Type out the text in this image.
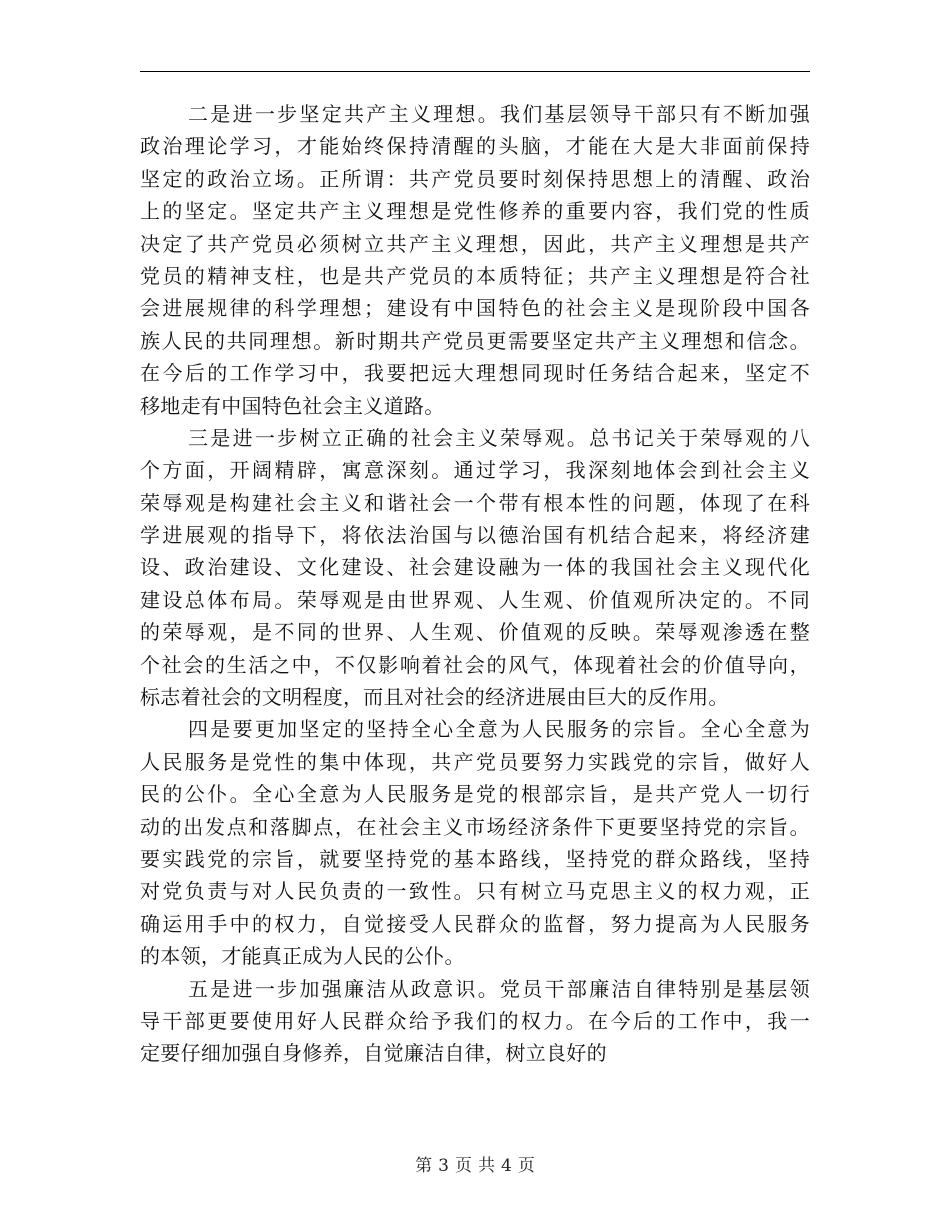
二是进一步坚定共产主义理想。我们基层领导干部只有不断加强
政治理论学习，才能始终保持清醒的头脑，才能在大是大非面前保持
坚定的政治立场。正所谓：共产党员要时刻保持思想上的清醒、政治
上的坚定。坚定共产主义理想是党性修养的重要内容，我们党的性质
决定了共产党员必须树立共产主义理想，因此，共产主义理想是共产
党员的精神支柱，也是共产党员的本质特征；共产主义理想是符合社
会进展规律的科学理想；建设有中国特色的社会主义是现阶段中国各
族人民的共同理想。新时期共产党员更需要坚定共产主义理想和信念。
在今后的工作学习中，我要把远大理想同现时任务结合起来，坚定不
移地走有中国特色社会主义道路。
三是进一步树立正确的社会主义荣辱观。总书记关于荣辱观的八
个方面，开阔精辟，寓意深刻。通过学习，我深刻地体会到社会主义
荣辱观是构建社会主义和谐社会一个带有根本性的问题，体现了在科
学进展观的指导下，将依法治国与以德治国有机结合起来，将经济建
设、政治建设、文化建设、社会建设融为一体的我国社会主义现代化
建设总体布局。荣辱观是由世界观、人生观、价值观所决定的。不同
的荣辱观，是不同的世界、人生观、价值观的反映。荣辱观渗透在整
个社会的生活之中，不仅影响着社会的风气，体现着社会的价值导向，
标志着社会的文明程度，而且对社会的经济进展由巨大的反作用。
四是要更加坚定的坚持全心全意为人民服务的宗旨。全心全意为
人民服务是党性的集中体现，共产党员要努力实践党的宗旨，做好人
民的公仆。全心全意为人民服务是党的根部宗旨，是共产党人一切行
动的出发点和落脚点，在社会主义市场经济条件下更要坚持党的宗旨。
要实践党的宗旨，就要坚持党的基本路线，坚持党的群众路线，坚持
对党负责与对人民负责的一致性。只有树立马克思主义的权力观，正
确运用手中的权力，自觉接受人民群众的监督，努力提高为人民服务
的本领，才能真正成为人民的公仆。
五是进一步加强廉洁从政意识。党员干部廉洁自律特别是基层领
导干部更要使用好人民群众给予我们的权力。在今后的工作中，我一
定要仔细加强自身修养，自觉廉洁自律，树立良好的
第 3 页 共 4 页
